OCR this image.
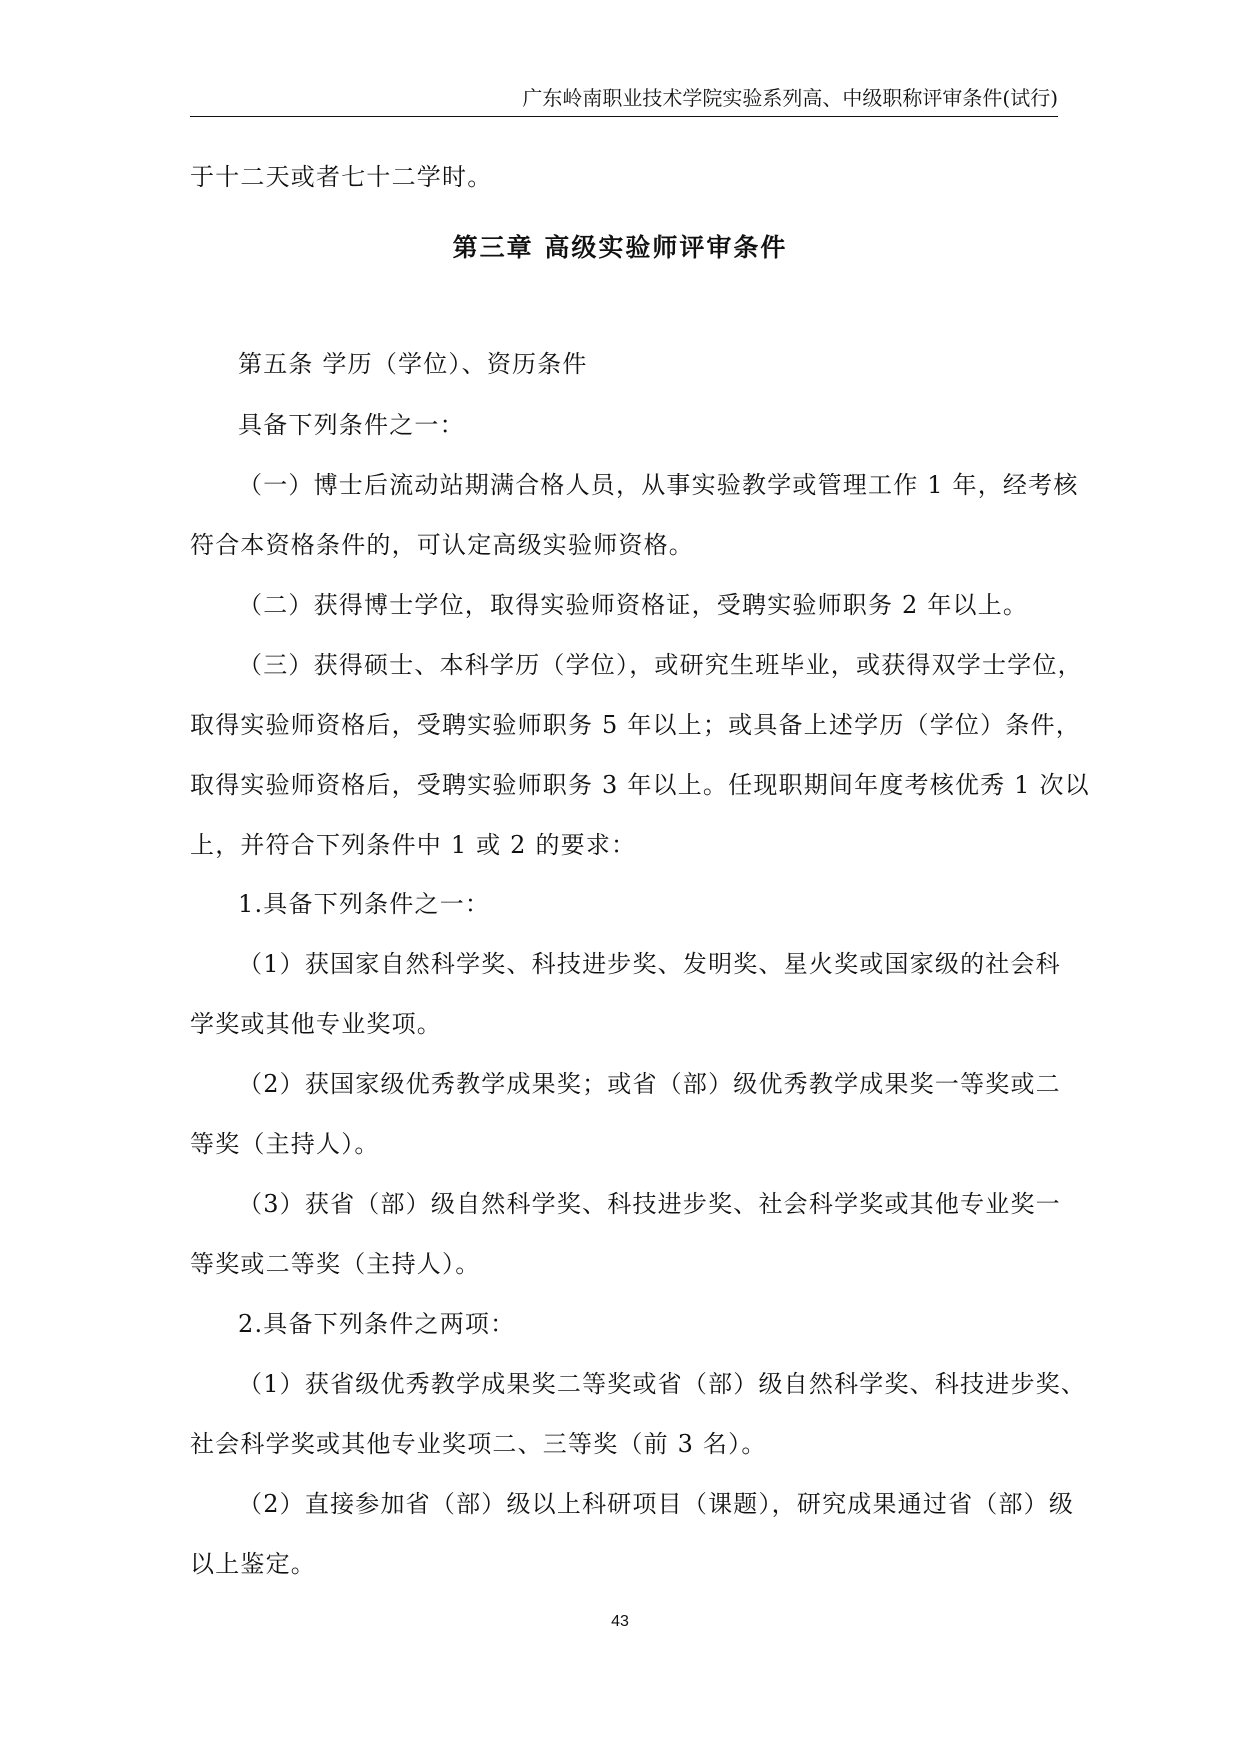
广东岭南职业技术学院实验系列高、中级职称评审条件(试行)
于十二天或者七十二学时。
第三章 高级实验师评审条件
第五条 学历（学位）、资历条件
具备下列条件之一：
（一）博士后流动站期满合格人员，从事实验教学或管理工作 1 年，经考核
符合本资格条件的，可认定高级实验师资格。
（二）获得博士学位，取得实验师资格证，受聘实验师职务 2 年以上。
（三）获得硕士、本科学历（学位），或研究生班毕业，或获得双学士学位，
取得实验师资格后，受聘实验师职务 5 年以上；或具备上述学历（学位）条件，
取得实验师资格后，受聘实验师职务 3 年以上。任现职期间年度考核优秀 1 次以
上，并符合下列条件中 1 或 2 的要求：
1.具备下列条件之一：
（1）获国家自然科学奖、科技进步奖、发明奖、星火奖或国家级的社会科
学奖或其他专业奖项。
（2）获国家级优秀教学成果奖；或省（部）级优秀教学成果奖一等奖或二
等奖（主持人）。
（3）获省（部）级自然科学奖、科技进步奖、社会科学奖或其他专业奖一
等奖或二等奖（主持人）。
2.具备下列条件之两项：
（1）获省级优秀教学成果奖二等奖或省（部）级自然科学奖、科技进步奖、
社会科学奖或其他专业奖项二、三等奖（前 3 名）。
（2）直接参加省（部）级以上科研项目（课题），研究成果通过省（部）级
以上鉴定。
43
